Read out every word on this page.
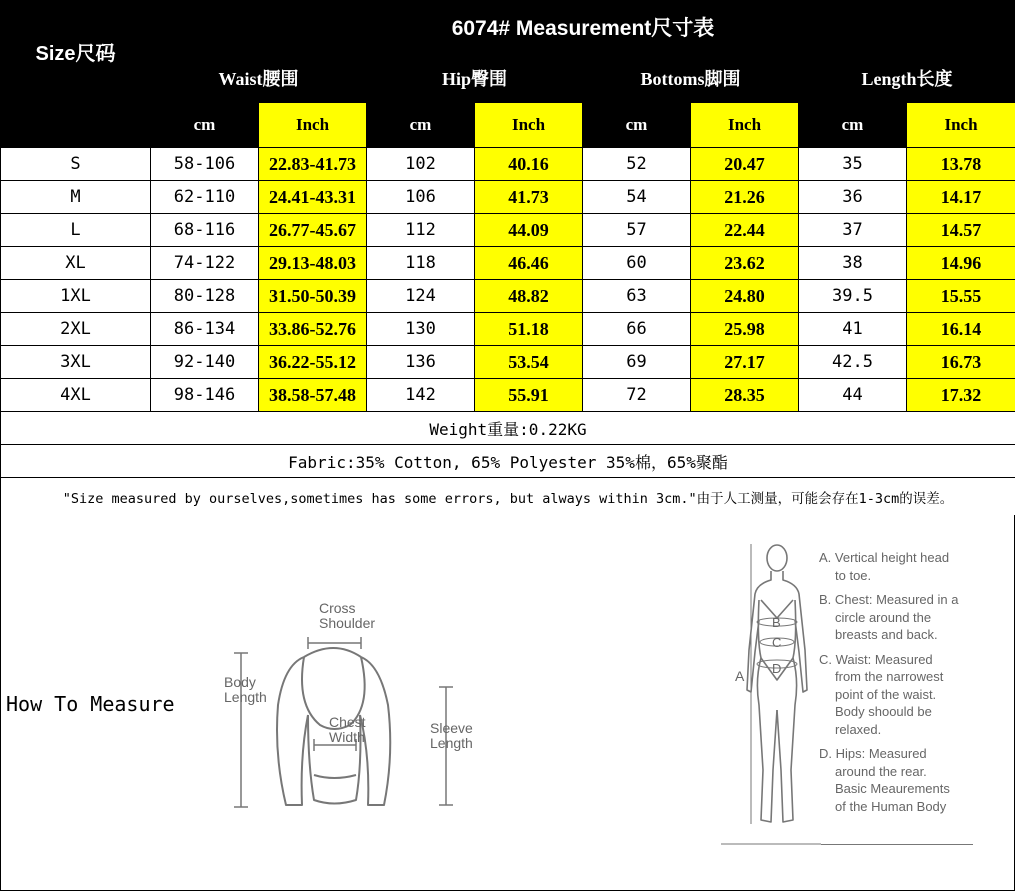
Size尺码	6074# Measurement尺寸表							
	Waist腰围		Hip臀围		Bottoms脚围		Length长度	
	cm	Inch	cm	Inch	cm	Inch	cm	Inch
S	58-106	22.83-41.73	102	40.16	52	20.47	35	13.78
M	62-110	24.41-43.31	106	41.73	54	21.26	36	14.17
L	68-116	26.77-45.67	112	44.09	57	22.44	37	14.57
XL	74-122	29.13-48.03	118	46.46	60	23.62	38	14.96
1XL	80-128	31.50-50.39	124	48.82	63	24.80	39.5	15.55
2XL	86-134	33.86-52.76	130	51.18	66	25.98	41	16.14
3XL	92-140	36.22-55.12	136	53.54	69	27.17	42.5	16.73
4XL	98-146	38.58-57.48	142	55.91	72	28.35	44	17.32
Weight重量:0.22KG								
Fabric:35% Cotton, 65% Polyester 35%棉，65%聚酯								
"Size measured by ourselves,sometimes has some errors, but always within 3cm."由于人工测量，可能会存在1-3cm的误差。								
How To Measure
Cross
Shoulder
Body
Length
Chest
Width
Sleeve
Length
A
B
C
D
A. Vertical height head
to toe.
B. Chest: Measured in a
circle around the
breasts and back.
C. Waist: Measured
from the narrowest
point of the waist.
Body shoould be
relaxed.
D. Hips: Measured
around the rear.
Basic Meaurements
of the Human Body
